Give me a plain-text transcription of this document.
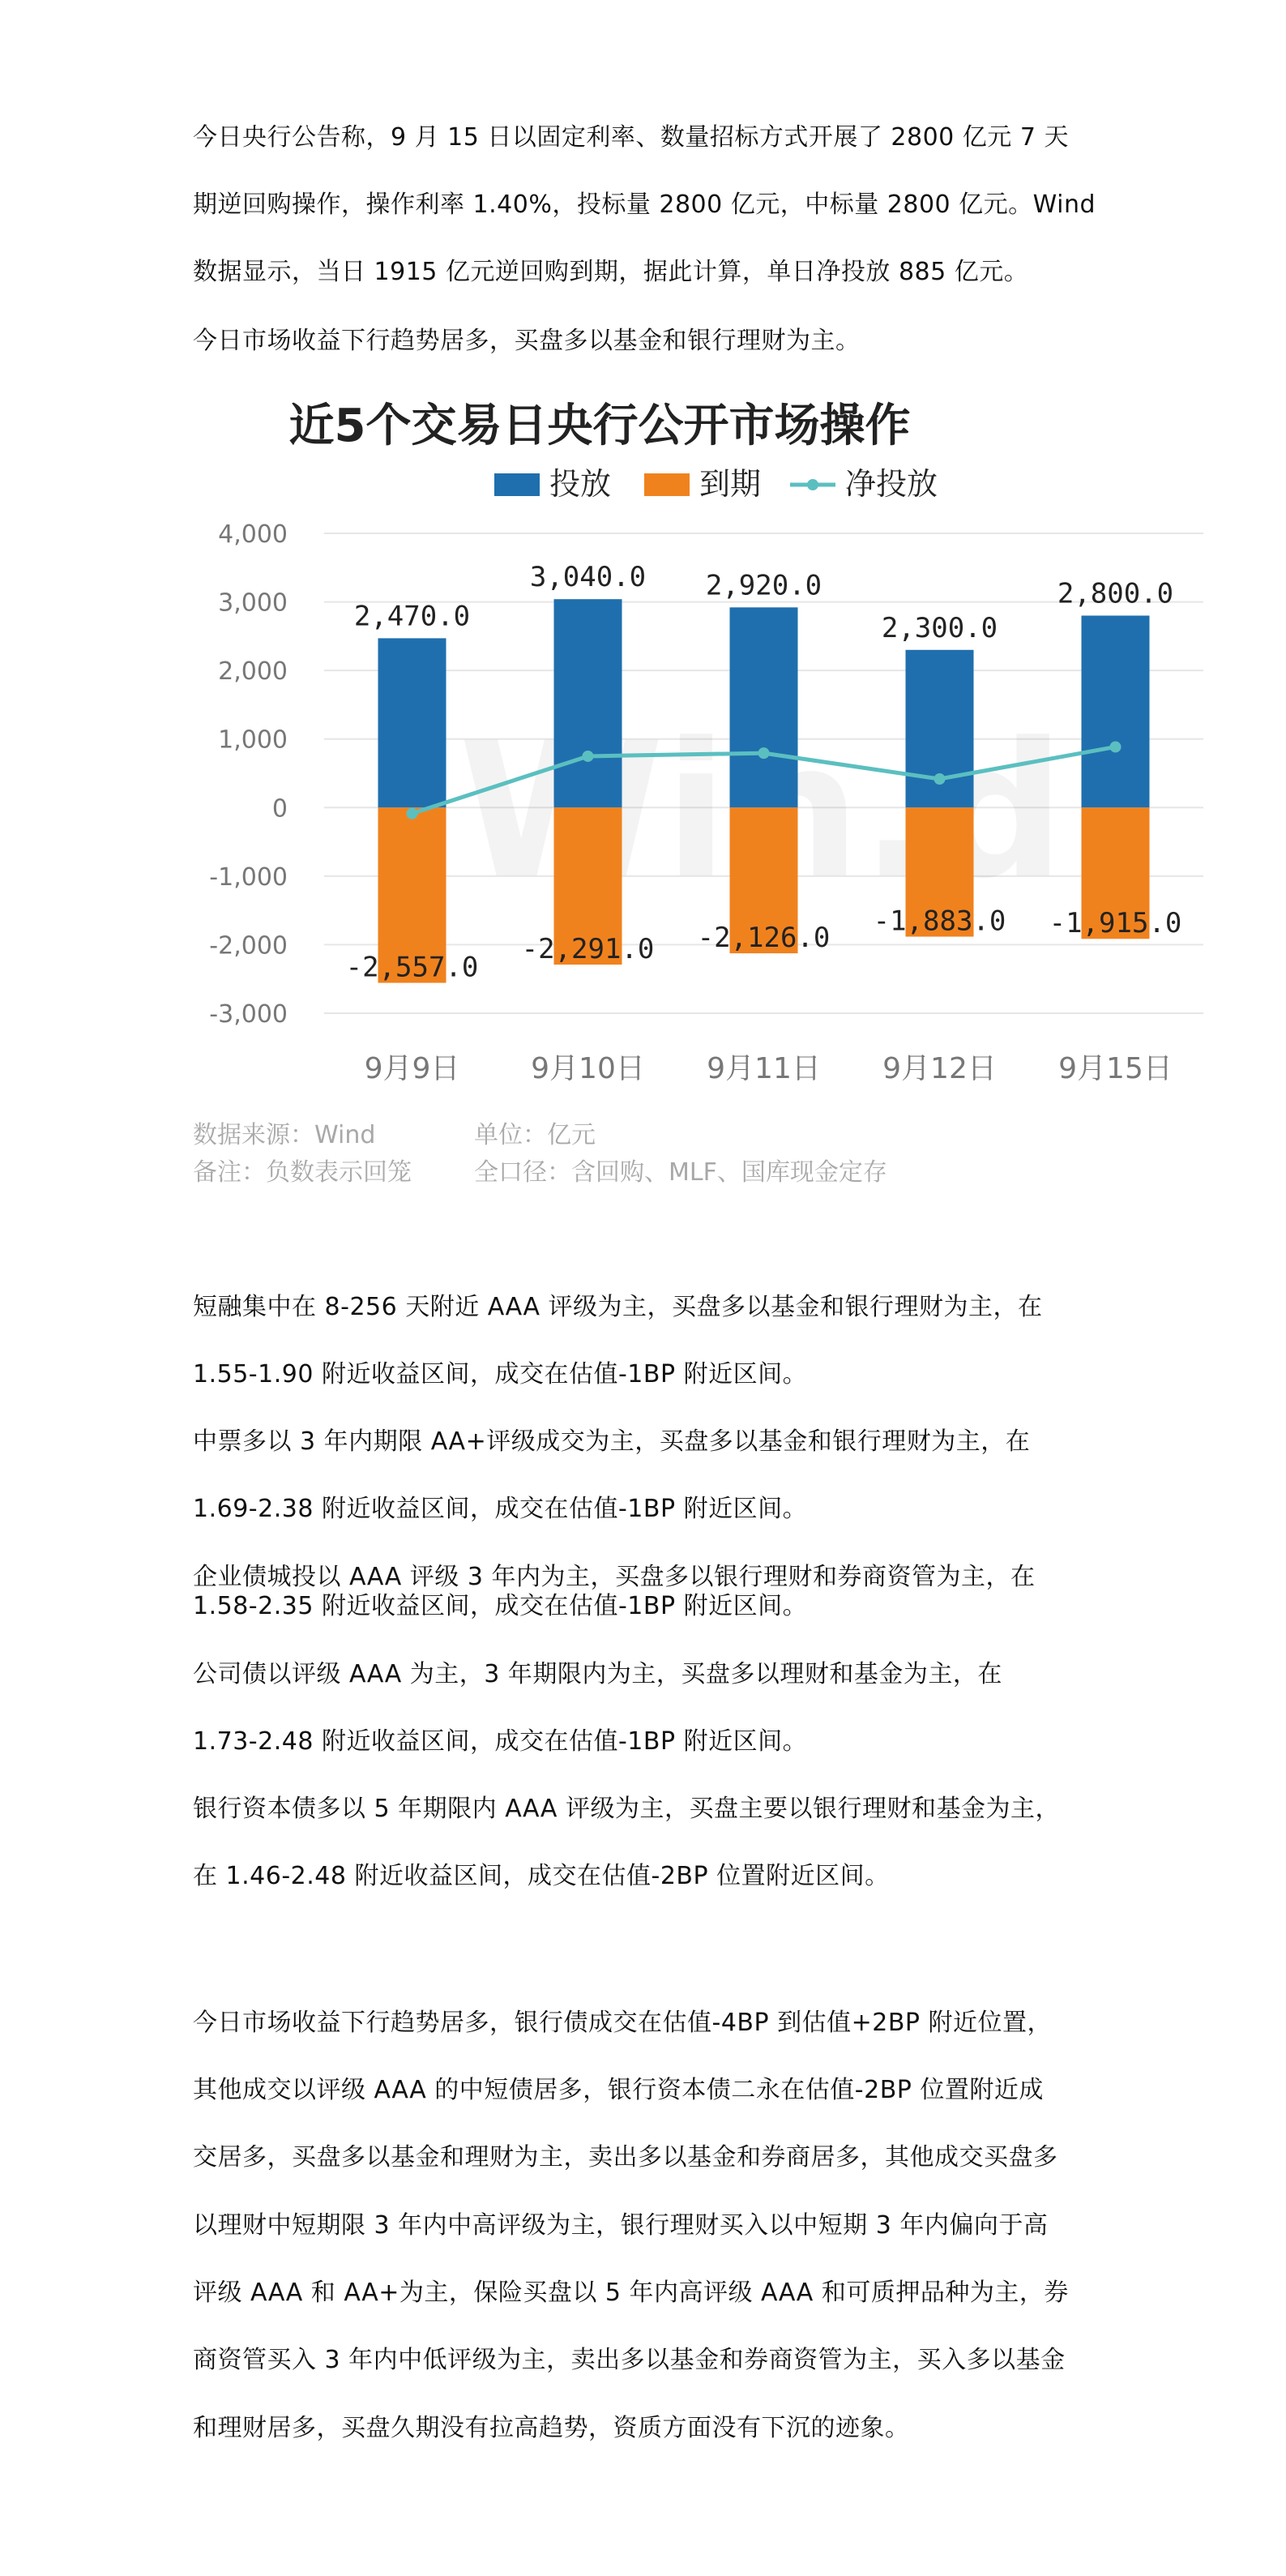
今日央行公告称，9 月 15 日以固定利率、数量招标方式开展了 2800 亿元 7 天
期逆回购操作，操作利率 1.40%，投标量 2800 亿元，中标量 2800 亿元。Wind
数据显示，当日 1915 亿元逆回购到期，据此计算，单日净投放 885 亿元。
今日市场收益下行趋势居多，买盘多以基金和银行理财为主。
近5个交易日央行公开市场操作
投放	到期	净投放
4,000
3,000
2,000
1,000
0
-1,000
-2,000
-3,000
2,470.0
-2,557.0
3,040.0
-2,291.0
2,920.0
-2,126.0
2,300.0
-1,883.0
2,800.0
-1,915.0
9月9日 9月10日 9月11日 9月12日 9月15日
数据来源：Wind	单位：亿元
备注：负数表示回笼	全口径：含回购、MLF、国库现金定存
短融集中在 8-256 天附近 AAA 评级为主，买盘多以基金和银行理财为主，在
1.55-1.90 附近收益区间，成交在估值-1BP 附近区间。
中票多以 3 年内期限 AA+评级成交为主，买盘多以基金和银行理财为主，在
1.69-2.38 附近收益区间，成交在估值-1BP 附近区间。
企业债城投以 AAA 评级 3 年内为主，买盘多以银行理财和券商资管为主，在
1.58-2.35 附近收益区间，成交在估值-1BP 附近区间。
公司债以评级 AAA 为主，3 年期限内为主，买盘多以理财和基金为主，在
1.73-2.48 附近收益区间，成交在估值-1BP 附近区间。
银行资本债多以 5 年期限内 AAA 评级为主，买盘主要以银行理财和基金为主，
在 1.46-2.48 附近收益区间，成交在估值-2BP 位置附近区间。
今日市场收益下行趋势居多，银行债成交在估值-4BP 到估值+2BP 附近位置，
其他成交以评级 AAA 的中短债居多，银行资本债二永在估值-2BP 位置附近成
交居多，买盘多以基金和理财为主，卖出多以基金和券商居多，其他成交买盘多
以理财中短期限 3 年内中高评级为主，银行理财买入以中短期 3 年内偏向于高
评级 AAA 和 AA+为主，保险买盘以 5 年内高评级 AAA 和可质押品种为主，券
商资管买入 3 年内中低评级为主，卖出多以基金和券商资管为主，买入多以基金
和理财居多，买盘久期没有拉高趋势，资质方面没有下沉的迹象。
